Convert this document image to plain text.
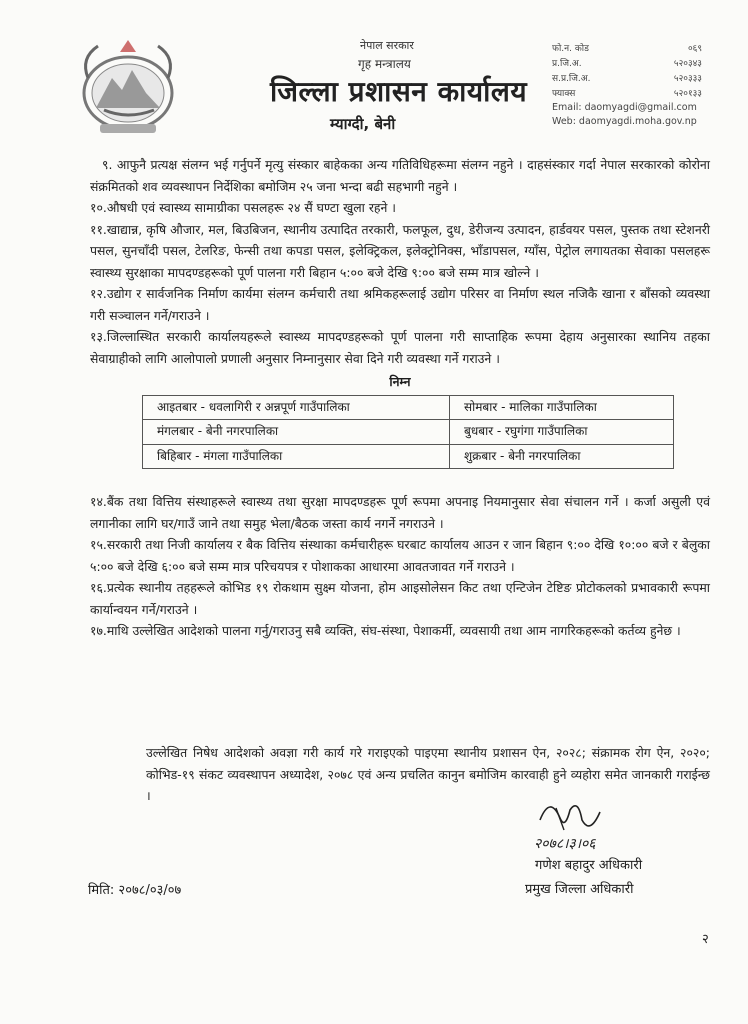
नेपाल सरकार
गृह मन्त्रालय
जिल्ला प्रशासन कार्यालय
म्याग्दी, बेनी
फो.न. कोड	०६९
प्र.जि.अ.	५२०३४३
स.प्र.जि.अ.	५२०३३३
फ्याक्स	५२०१३३
Email: daomyagdi@gmail.com
Web: daomyagdi.moha.gov.np
९. आफुनै प्रत्यक्ष संलग्न भई गर्नुपर्ने मृत्यु संस्कार बाहेकका अन्य गतिविधिहरूमा संलग्न नहुने । दाहसंस्कार गर्दा नेपाल सरकारको कोरोना संक्रमितको शव व्यवस्थापन निर्देशिका बमोजिम २५ जना भन्दा बढी सहभागी नहुने ।
१०.औषधी एवं स्वास्थ्य सामाग्रीका पसलहरू २४ सैं घण्टा खुला रहने ।
११.खाद्यान्न, कृषि औजार, मल, बिउबिजन, स्थानीय उत्पादित तरकारी, फलफूल, दुध, डेरीजन्य उत्पादन, हार्डवयर पसल, पुस्तक तथा स्टेशनरी पसल, सुनचाँदी पसल, टेलरिङ, फेन्सी तथा कपडा पसल, इलेक्ट्रिकल, इलेक्ट्रोनिक्स, भाँडापसल, ग्याँस, पेट्रोल लगायतका सेवाका पसलहरू स्वास्थ्य सुरक्षाका मापदण्डहरूको पूर्ण पालना गरी बिहान ५:०० बजे देखि ९:०० बजे सम्म मात्र खोल्ने ।
१२.उद्योग र सार्वजनिक निर्माण कार्यमा संलग्न कर्मचारी तथा श्रमिकहरूलाई उद्योग परिसर वा निर्माण स्थल नजिकै खाना र बाँसको व्यवस्था गरी सञ्चालन गर्ने/गराउने ।
१३.जिल्लास्थित सरकारी कार्यालयहरूले स्वास्थ्य मापदण्डहरूको पूर्ण पालना गरी साप्ताहिक रूपमा देहाय अनुसारका स्थानिय तहका सेवाग्राहीको लागि आलोपालो प्रणाली अनुसार निम्नानुसार सेवा दिने गरी व्यवस्था गर्ने गराउने ।
निम्न
आइतबार - धवलागिरी र अन्नपूर्ण गाउँपालिका	सोमबार - मालिका गाउँपालिका
मंगलबार - बेनी नगरपालिका	बुधबार - रघुगंगा गाउँपालिका
बिहिबार - मंगला गाउँपालिका	शुक्रबार - बेनी नगरपालिका
१४.बैंक तथा वित्तिय संस्थाहरूले स्वास्थ्य तथा सुरक्षा मापदण्डहरू पूर्ण रूपमा अपनाइ नियमानुसार सेवा संचालन गर्ने । कर्जा असुली एवं लगानीका लागि घर/गाउँ जाने तथा समुह भेला/बैठक जस्ता कार्य नगर्ने नगराउने ।
१५.सरकारी तथा निजी कार्यालय र बैक वित्तिय संस्थाका कर्मचारीहरू घरबाट कार्यालय आउन र जान बिहान ९:०० देखि १०:०० बजे र बेलुका ५:०० बजे देखि ६:०० बजे सम्म मात्र परिचयपत्र र पोशाकका आधारमा आवतजावत गर्ने गराउने ।
१६.प्रत्येक स्थानीय तहहरूले कोभिड १९ रोकथाम सुक्ष्म योजना, होम आइसोलेसन किट तथा एन्टिजेन टेष्टिङ प्रोटोकलको प्रभावकारी रूपमा कार्यान्वयन गर्ने/गराउने ।
१७.माथि उल्लेखित आदेशको पालना गर्नु/गराउनु सबै व्यक्ति, संघ-संस्था, पेशाकर्मी, व्यवसायी तथा आम नागरिकहरूको कर्तव्य हुनेछ ।
उल्लेखित निषेध आदेशको अवज्ञा गरी कार्य गरे गराइएको पाइएमा स्थानीय प्रशासन ऐन, २०२८; संक्रामक रोग ऐन, २०२०; कोभिड-१९ संकट व्यवस्थापन अध्यादेश, २०७८ एवं अन्य प्रचलित कानुन बमोजिम कारवाही हुने व्यहोरा समेत जानकारी गराईन्छ ।
२०७८।३।०६
गणेश बहादुर अधिकारी
प्रमुख जिल्ला अधिकारी
मिति: २०७८/०३/०७
२
